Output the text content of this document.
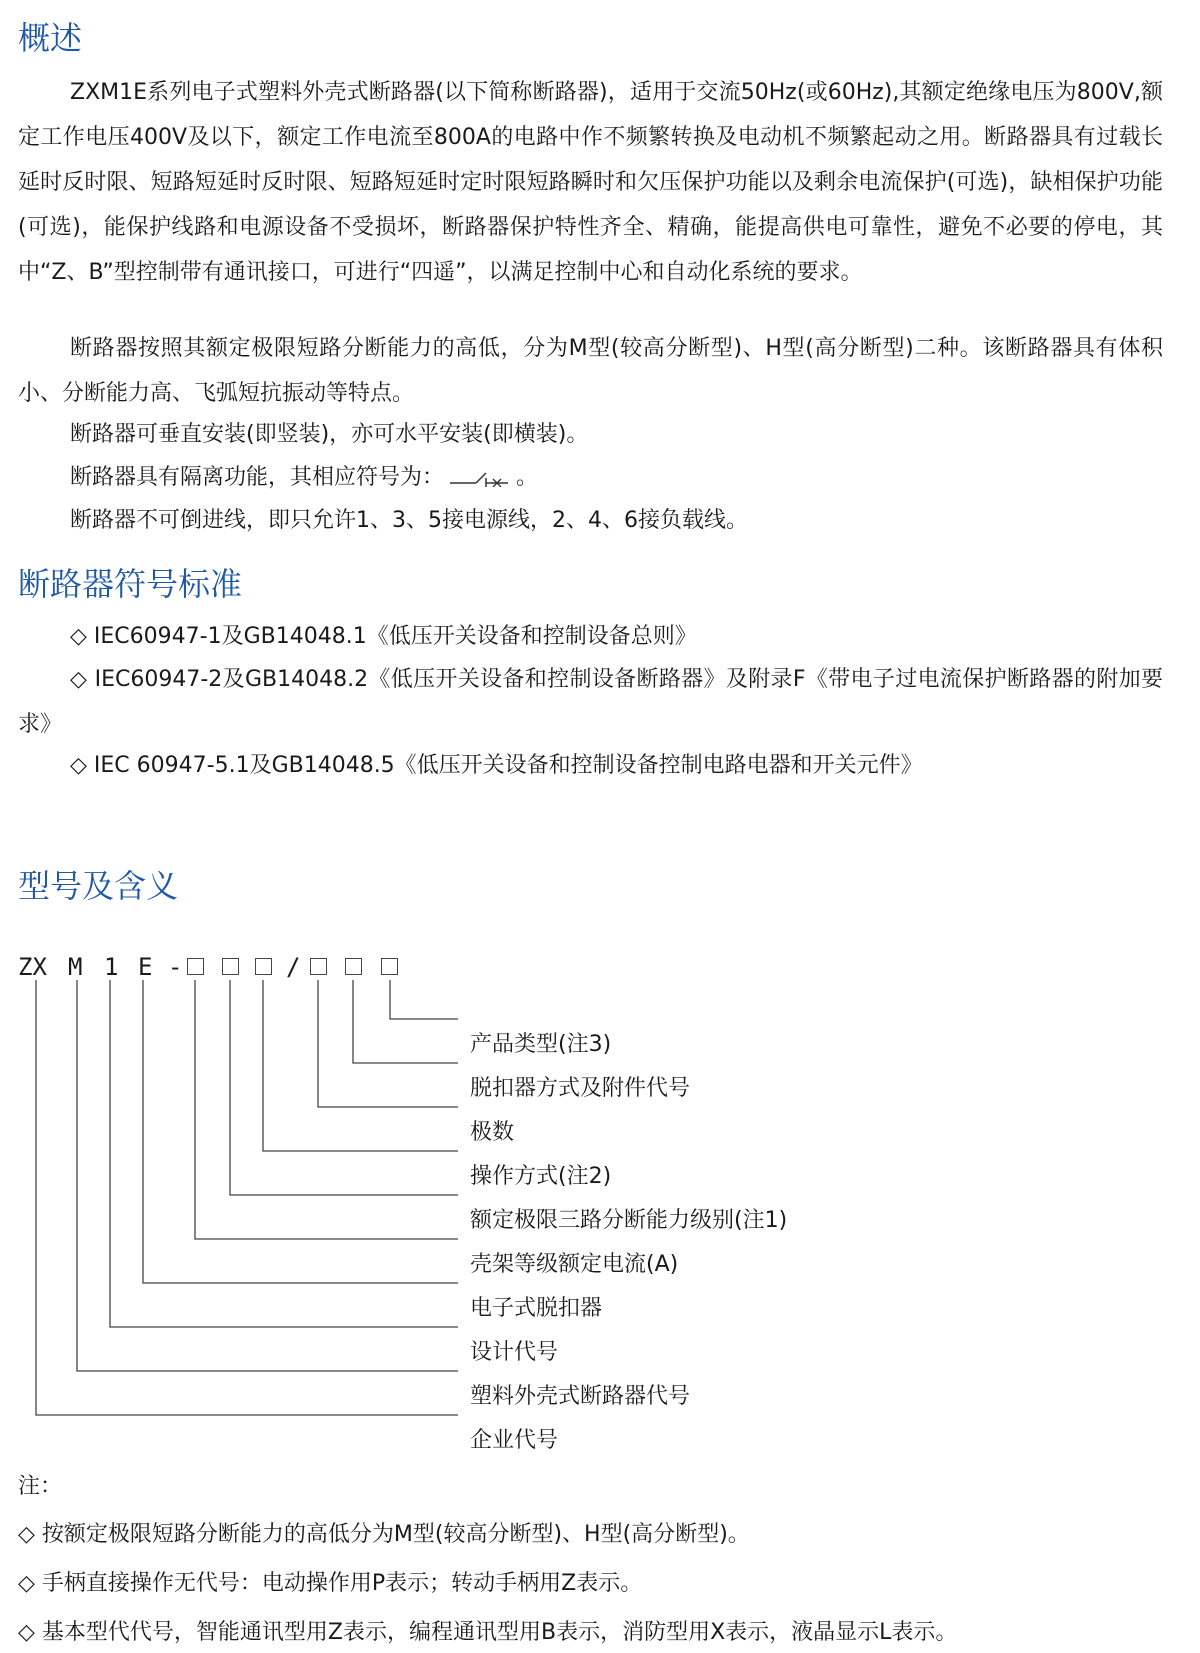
概述

ZXM1E系列电子式塑料外壳式断路器(以下简称断路器)，适用于交流50Hz(或60Hz),其额定绝缘电压为800V,额定工作电压400V及以下，额定工作电流至800A的电路中作不频繁转换及电动机不频繁起动之用。断路器具有过载长延时反时限、短路短延时反时限、短路短延时定时限短路瞬时和欠压保护功能以及剩余电流保护(可选)，缺相保护功能(可选)，能保护线路和电源设备不受损坏，断路器保护特性齐全、精确，能提高供电可靠性，避免不必要的停电，其中“Z、B”型控制带有通讯接口，可进行“四遥”，以满足控制中心和自动化系统的要求。

断路器按照其额定极限短路分断能力的高低，分为M型(较高分断型)、H型(高分断型)二种。该断路器具有体积小、分断能力高、飞弧短抗振动等特点。

断路器可垂直安装(即竖装)，亦可水平安装(即横装)。

断路器具有隔离功能，其相应符号为：	。

断路器不可倒进线，即只允许1、3、5接电源线，2、4、6接负载线。

断路器符号标准
◇ IEC60947-1及GB14048.1《低压开关设备和控制设备总则》

◇ IEC60947-2及GB14048.2《低压开关设备和控制设备断路器》及附录F《带电子过电流保护断路器的附加要求》

◇ IEC 60947-5.1及GB14048.5《低压开关设备和控制设备控制电路电器和开关元件》
型号及含义
ZX M 1 E -	/
产品类型(注3)
脱扣器方式及附件代号
极数
操作方式(注2)
额定极限三路分断能力级别(注1)
壳架等级额定电流(A)
电子式脱扣器
设计代号
塑料外壳式断路器代号
企业代号
注：
◇ 按额定极限短路分断能力的高低分为M型(较高分断型)、H型(高分断型)。
◇ 手柄直接操作无代号：电动操作用P表示；转动手柄用Z表示。
◇ 基本型代代号，智能通讯型用Z表示，编程通讯型用B表示，消防型用X表示，液晶显示L表示。
